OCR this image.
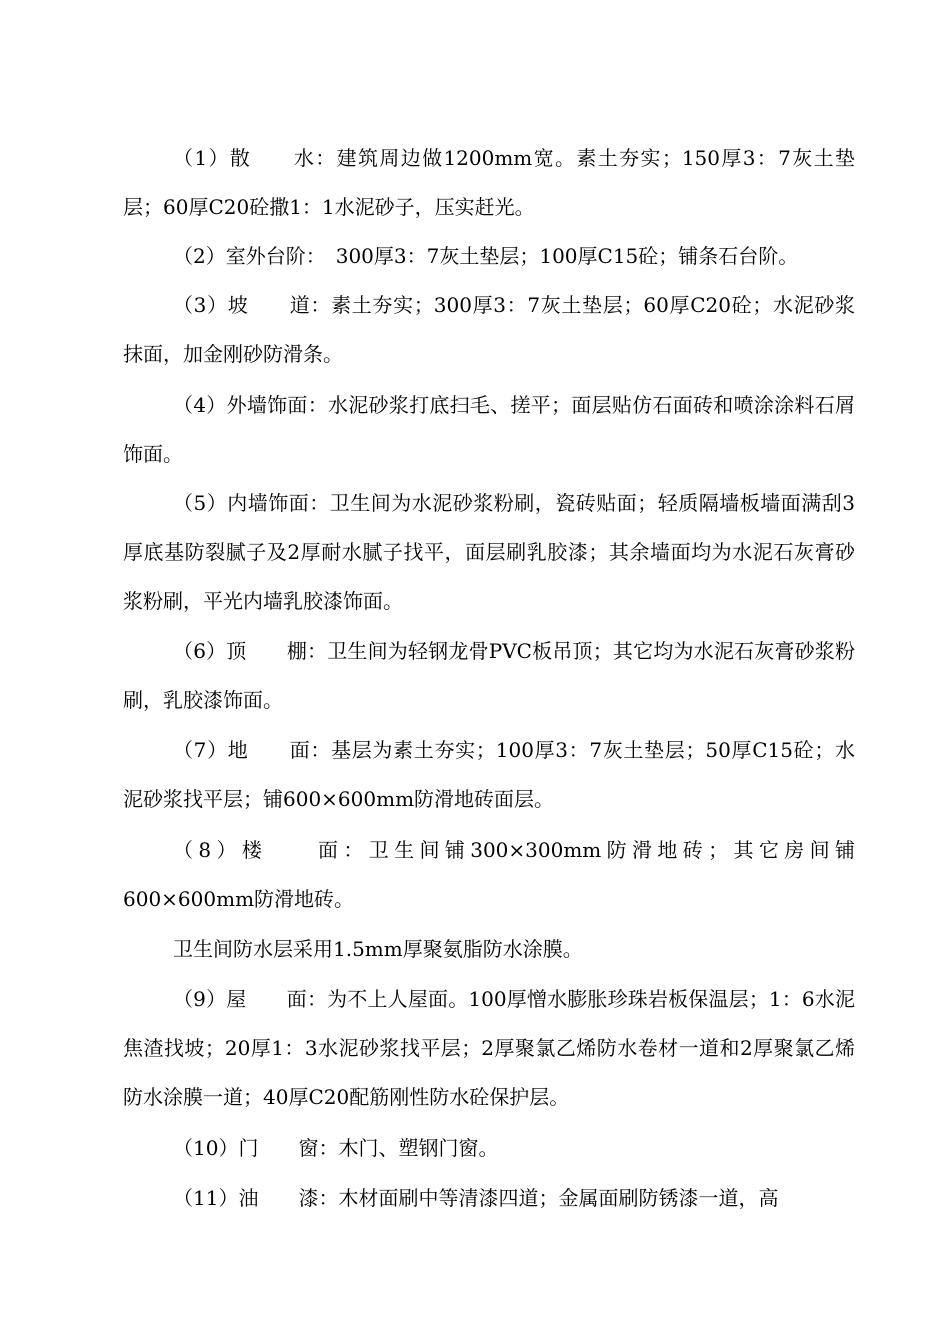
（1）散　　水：建筑周边做1200mm宽。素土夯实；150厚3：7灰土垫层；60厚C20砼撒1：1水泥砂子，压实赶光。

（2）室外台阶：　300厚3：7灰土垫层；100厚C15砼；铺条石台阶。

（3）坡　　道：素土夯实；300厚3：7灰土垫层；60厚C20砼；水泥砂浆抹面，加金刚砂防滑条。

（4）外墙饰面：水泥砂浆打底扫毛、搓平；面层贴仿石面砖和喷涂涂料石屑饰面。

（5）内墙饰面：卫生间为水泥砂浆粉刷，瓷砖贴面；轻质隔墙板墙面满刮3厚底基防裂腻子及2厚耐水腻子找平，面层刷乳胶漆；其余墙面均为水泥石灰膏砂浆粉刷，平光内墙乳胶漆饰面。

（6）顶　　棚：卫生间为轻钢龙骨PVC板吊顶；其它均为水泥石灰膏砂浆粉刷，乳胶漆饰面。

（7）地　　面：基层为素土夯实；100厚3：7灰土垫层；50厚C15砼；水泥砂浆找平层；铺600×600mm防滑地砖面层。

（8）楼　　面：卫生间铺300×300mm防滑地砖；其它房间铺600×600mm防滑地砖。

卫生间防水层采用1.5mm厚聚氨脂防水涂膜。

（9）屋　　面：为不上人屋面。100厚憎水膨胀珍珠岩板保温层；1：6水泥焦渣找坡；20厚1：3水泥砂浆找平层；2厚聚氯乙烯防水卷材一道和2厚聚氯乙烯防水涂膜一道；40厚C20配筋刚性防水砼保护层。

（10）门　　窗：木门、塑钢门窗。

（11）油　　漆：木材面刷中等清漆四道；金属面刷防锈漆一道，高
